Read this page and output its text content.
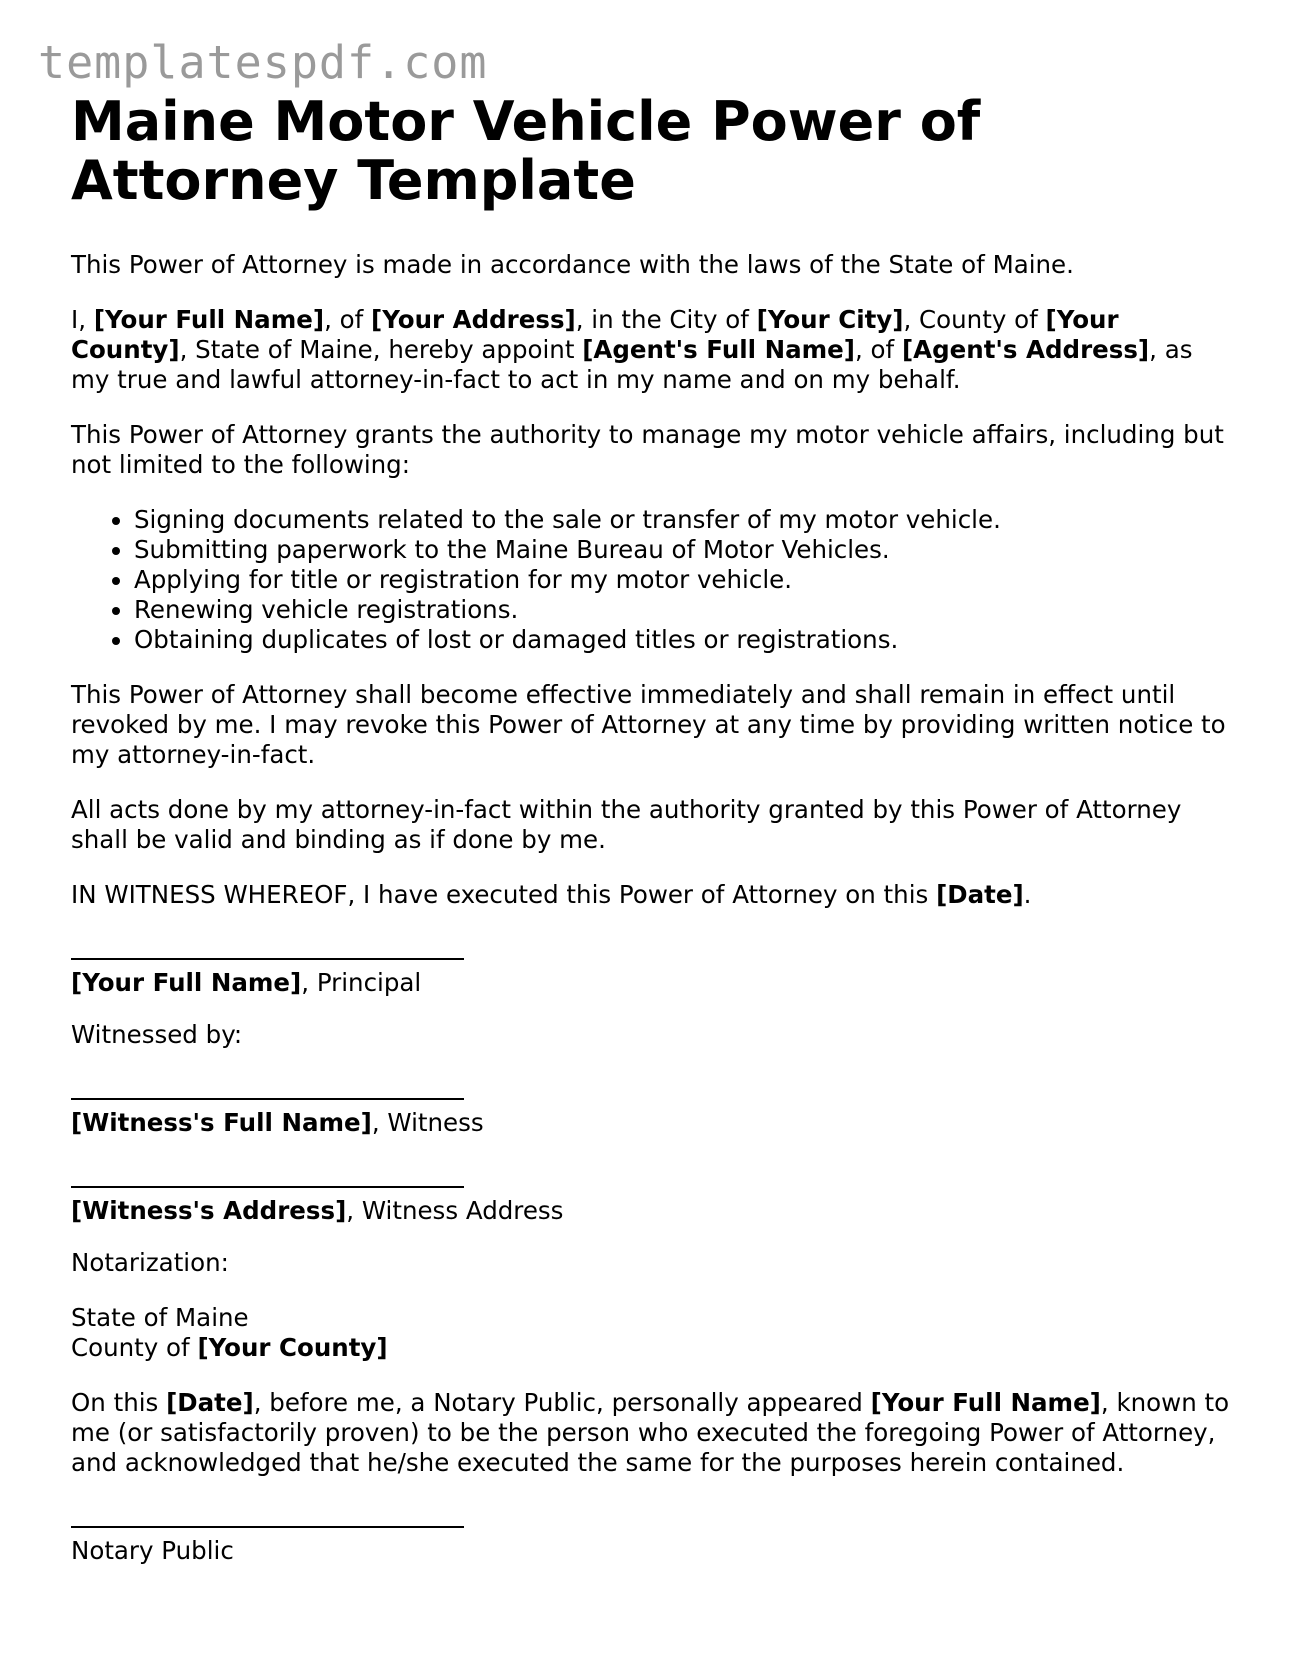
templatespdf.com
Maine Motor Vehicle Power of Attorney Template

This Power of Attorney is made in accordance with the laws of the State of Maine.

I, [Your Full Name], of [Your Address], in the City of [Your City], County of [Your County], State of Maine, hereby appoint [Agent's Full Name], of [Agent's Address], as my true and lawful attorney-in-fact to act in my name and on my behalf.

This Power of Attorney grants the authority to manage my motor vehicle affairs, including but not limited to the following:

• Signing documents related to the sale or transfer of my motor vehicle.
• Submitting paperwork to the Maine Bureau of Motor Vehicles.
• Applying for title or registration for my motor vehicle.
• Renewing vehicle registrations.
• Obtaining duplicates of lost or damaged titles or registrations.

This Power of Attorney shall become effective immediately and shall remain in effect until revoked by me. I may revoke this Power of Attorney at any time by providing written notice to my attorney-in-fact.

All acts done by my attorney-in-fact within the authority granted by this Power of Attorney shall be valid and binding as if done by me.

IN WITNESS WHEREOF, I have executed this Power of Attorney on this [Date].

[Your Full Name], Principal

Witnessed by:

[Witness's Full Name], Witness
[Witness's Address], Witness Address

Notarization:

State of Maine
County of [Your County]

On this [Date], before me, a Notary Public, personally appeared [Your Full Name], known to me (or satisfactorily proven) to be the person who executed the foregoing Power of Attorney, and acknowledged that he/she executed the same for the purposes herein contained.

Notary Public
